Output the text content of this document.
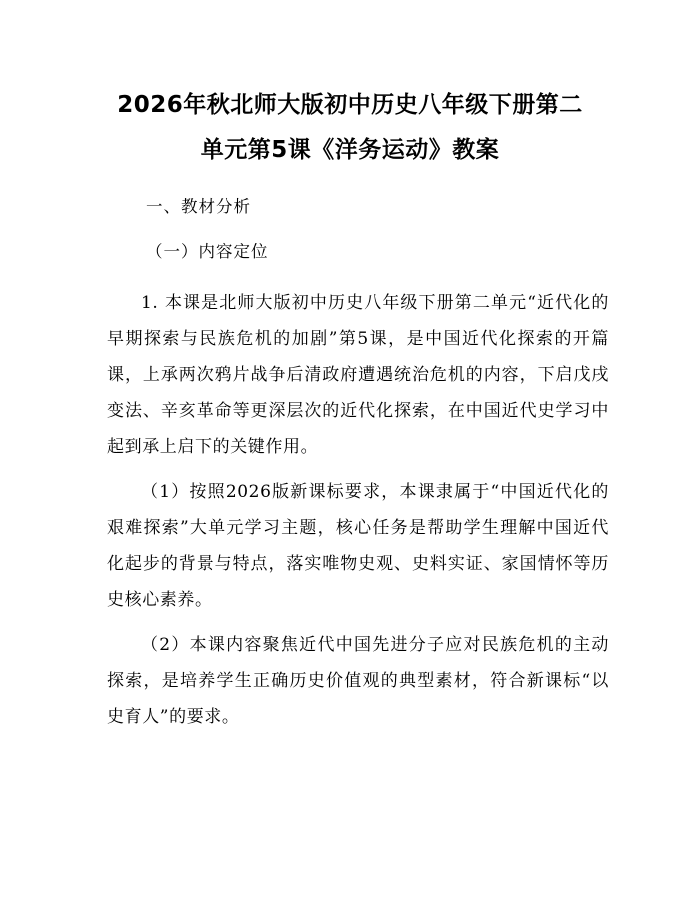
2026年秋北师大版初中历史八年级下册第二
单元第5课《洋务运动》教案

一、教材分析

（一）内容定位

1. 本课是北师大版初中历史八年级下册第二单元“近代化的早期探索与民族危机的加剧”第5课，是中国近代化探索的开篇课，上承两次鸦片战争后清政府遭遇统治危机的内容，下启戊戌变法、辛亥革命等更深层次的近代化探索，在中国近代史学习中起到承上启下的关键作用。

（1）按照2026版新课标要求，本课隶属于“中国近代化的艰难探索”大单元学习主题，核心任务是帮助学生理解中国近代化起步的背景与特点，落实唯物史观、史料实证、家国情怀等历史核心素养。

（2）本课内容聚焦近代中国先进分子应对民族危机的主动探索，是培养学生正确历史价值观的典型素材，符合新课标“以史育人”的要求。
